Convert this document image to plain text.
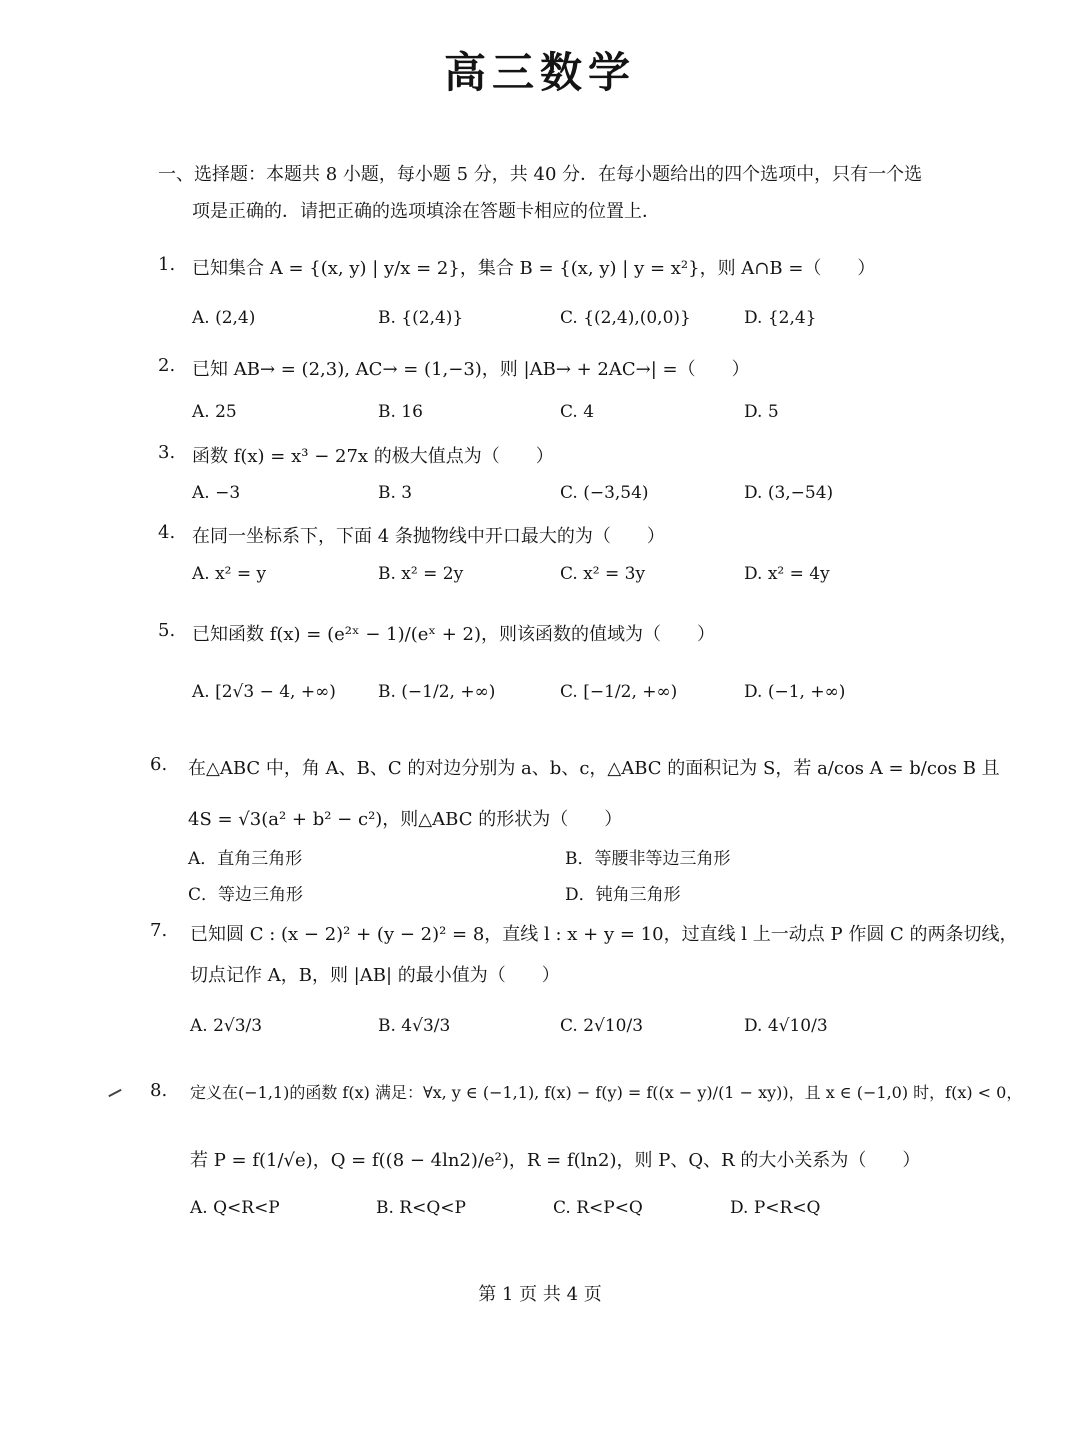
高三数学
一、选择题：本题共 8 小题，每小题 5 分，共 40 分．在每小题给出的四个选项中，只有一个选
项是正确的．请把正确的选项填涂在答题卡相应的位置上．
1. 已知集合 A = {(x, y) | y/x = 2}，集合 B = {(x, y) | y = x²}，则 A∩B =（　　）
A. (2,4)	B. {(2,4)}	C. {(2,4),(0,0)}	D. {2,4}
2. 已知 AB→ = (2,3), AC→ = (1,−3)，则 |AB→ + 2AC→| =（　　）
A. 25	B. 16	C. 4	D. 5
3. 函数 f(x) = x³ − 27x 的极大值点为（　　）
A. −3	B. 3	C. (−3,54)	D. (3,−54)
4. 在同一坐标系下，下面 4 条抛物线中开口最大的为（　　）
A. x² = y	B. x² = 2y	C. x² = 3y	D. x² = 4y
5. 已知函数 f(x) = (e²ˣ − 1)/(eˣ + 2)，则该函数的值域为（　　）
A. [2√3 − 4, +∞) B. (−1/2, +∞)	C. [−1/2, +∞)	D. (−1, +∞)
6. 在△ABC 中，角 A、B、C 的对边分别为 a、b、c，△ABC 的面积记为 S，若 a/cos A = b/cos B 且
4S = √3(a² + b² − c²)，则△ABC 的形状为（　　）
A．直角三角形	B．等腰非等边三角形
C．等边三角形	D．钝角三角形
7. 已知圆 C : (x − 2)² + (y − 2)² = 8，直线 l : x + y = 10，过直线 l 上一动点 P 作圆 C 的两条切线，
切点记作 A，B，则 |AB| 的最小值为（　　）
A. 2√3/3	B. 4√3/3	C. 2√10/3	D. 4√10/3
8. 定义在(−1,1)的函数 f(x) 满足：∀x, y ∈ (−1,1), f(x) − f(y) = f((x − y)/(1 − xy))，且 x ∈ (−1,0) 时，f(x) < 0，
若 P = f(1/√e)，Q = f((8 − 4ln2)/e²)，R = f(ln2)，则 P、Q、R 的大小关系为（　　）
A. Q<R<P	B. R<Q<P	C. R<P<Q	D. P<R<Q
第 1 页 共 4 页
